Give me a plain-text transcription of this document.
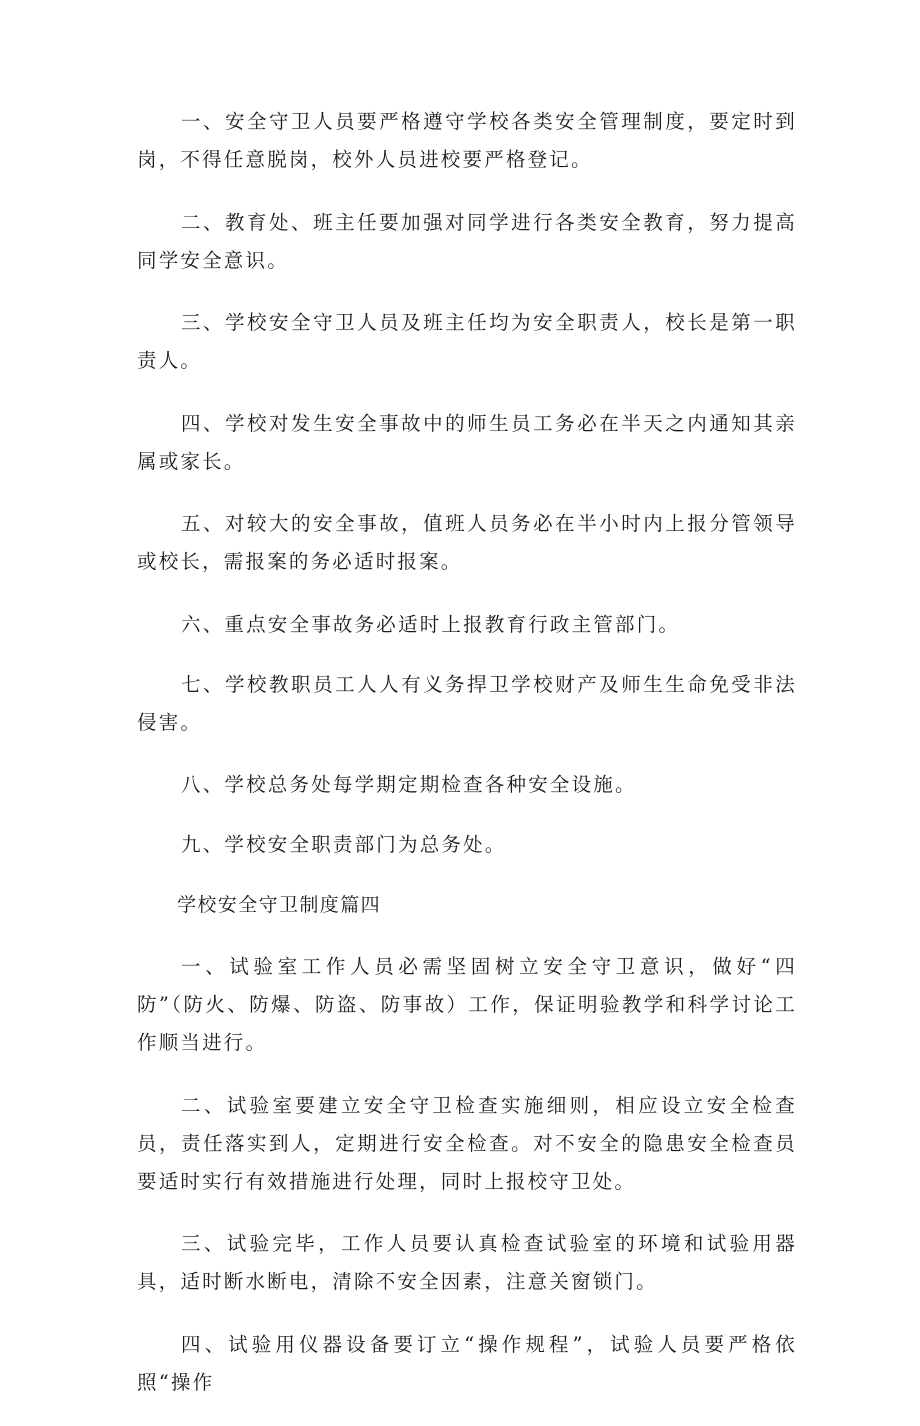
一、安全守卫人员要严格遵守学校各类安全管理制度，要定时到岗，不得任意脱岗，校外人员进校要严格登记。

二、教育处、班主任要加强对同学进行各类安全教育，努力提高同学安全意识。

三、学校安全守卫人员及班主任均为安全职责人，校长是第一职责人。

四、学校对发生安全事故中的师生员工务必在半天之内通知其亲属或家长。

五、对较大的安全事故，值班人员务必在半小时内上报分管领导或校长，需报案的务必适时报案。

六、重点安全事故务必适时上报教育行政主管部门。

七、学校教职员工人人有义务捍卫学校财产及师生生命免受非法侵害。

八、学校总务处每学期定期检查各种安全设施。

九、学校安全职责部门为总务处。

学校安全守卫制度篇四

一、试验室工作人员必需坚固树立安全守卫意识，做好“四防”（防火、防爆、防盗、防事故）工作，保证明验教学和科学讨论工作顺当进行。

二、试验室要建立安全守卫检查实施细则，相应设立安全检查员，责任落实到人，定期进行安全检查。对不安全的隐患安全检查员要适时实行有效措施进行处理，同时上报校守卫处。

三、试验完毕，工作人员要认真检查试验室的环境和试验用器具，适时断水断电，清除不安全因素，注意关窗锁门。

四、试验用仪器设备要订立“操作规程”，试验人员要严格依照“操作
